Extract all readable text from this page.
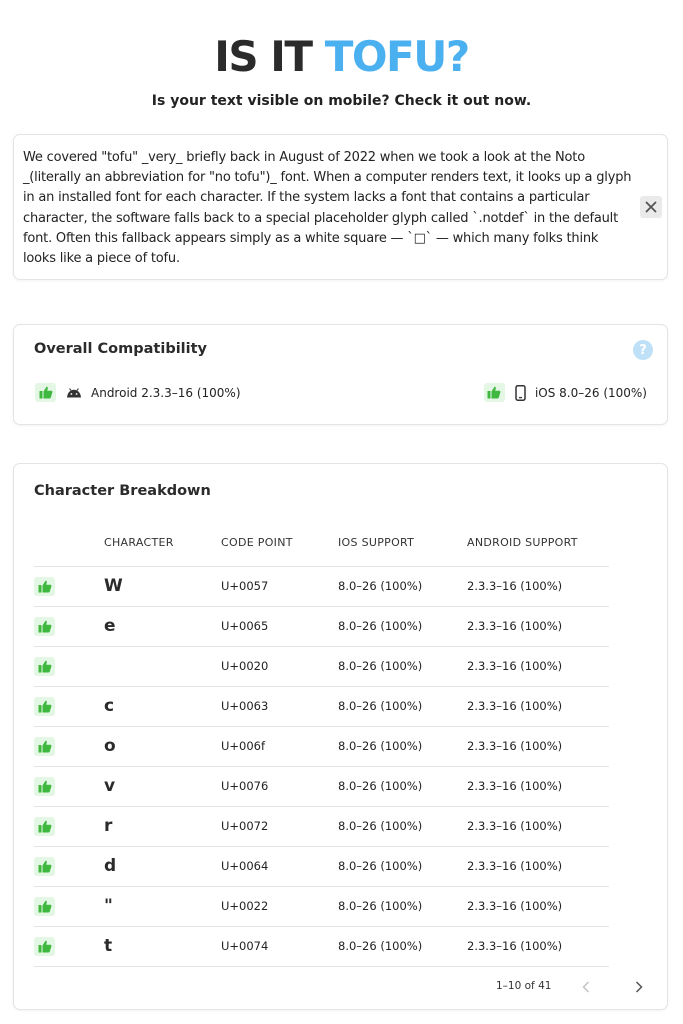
IS IT TOFU?
Is your text visible on mobile? Check it out now.
We covered "tofu" _very_ briefly back in August of 2022 when we took a look at the Noto _(literally an abbreviation for "no tofu")_ font. When a computer renders text, it looks up a glyph in an installed font for each character. If the system lacks a font that contains a particular character, the software falls back to a special placeholder glyph called `.notdef` in the default font. Often this fallback appears simply as a white square — `□` — which many folks think looks like a piece of tofu.
Overall Compatibility	?
Android 2.3.3–16 (100%)	iOS 8.0–26 (100%)
Character Breakdown
	CHARACTER	CODE POINT	IOS SUPPORT	ANDROID SUPPORT

	W	U+0057	8.0–26 (100%)	2.3.3–16 (100%)

	e	U+0065	8.0–26 (100%)	2.3.3–16 (100%)

		U+0020	8.0–26 (100%)	2.3.3–16 (100%)

	c	U+0063	8.0–26 (100%)	2.3.3–16 (100%)

	o	U+006f	8.0–26 (100%)	2.3.3–16 (100%)

	v	U+0076	8.0–26 (100%)	2.3.3–16 (100%)

	r	U+0072	8.0–26 (100%)	2.3.3–16 (100%)

	d	U+0064	8.0–26 (100%)	2.3.3–16 (100%)

	"	U+0022	8.0–26 (100%)	2.3.3–16 (100%)

	t	U+0074	8.0–26 (100%)	2.3.3–16 (100%)
1–10 of 41
